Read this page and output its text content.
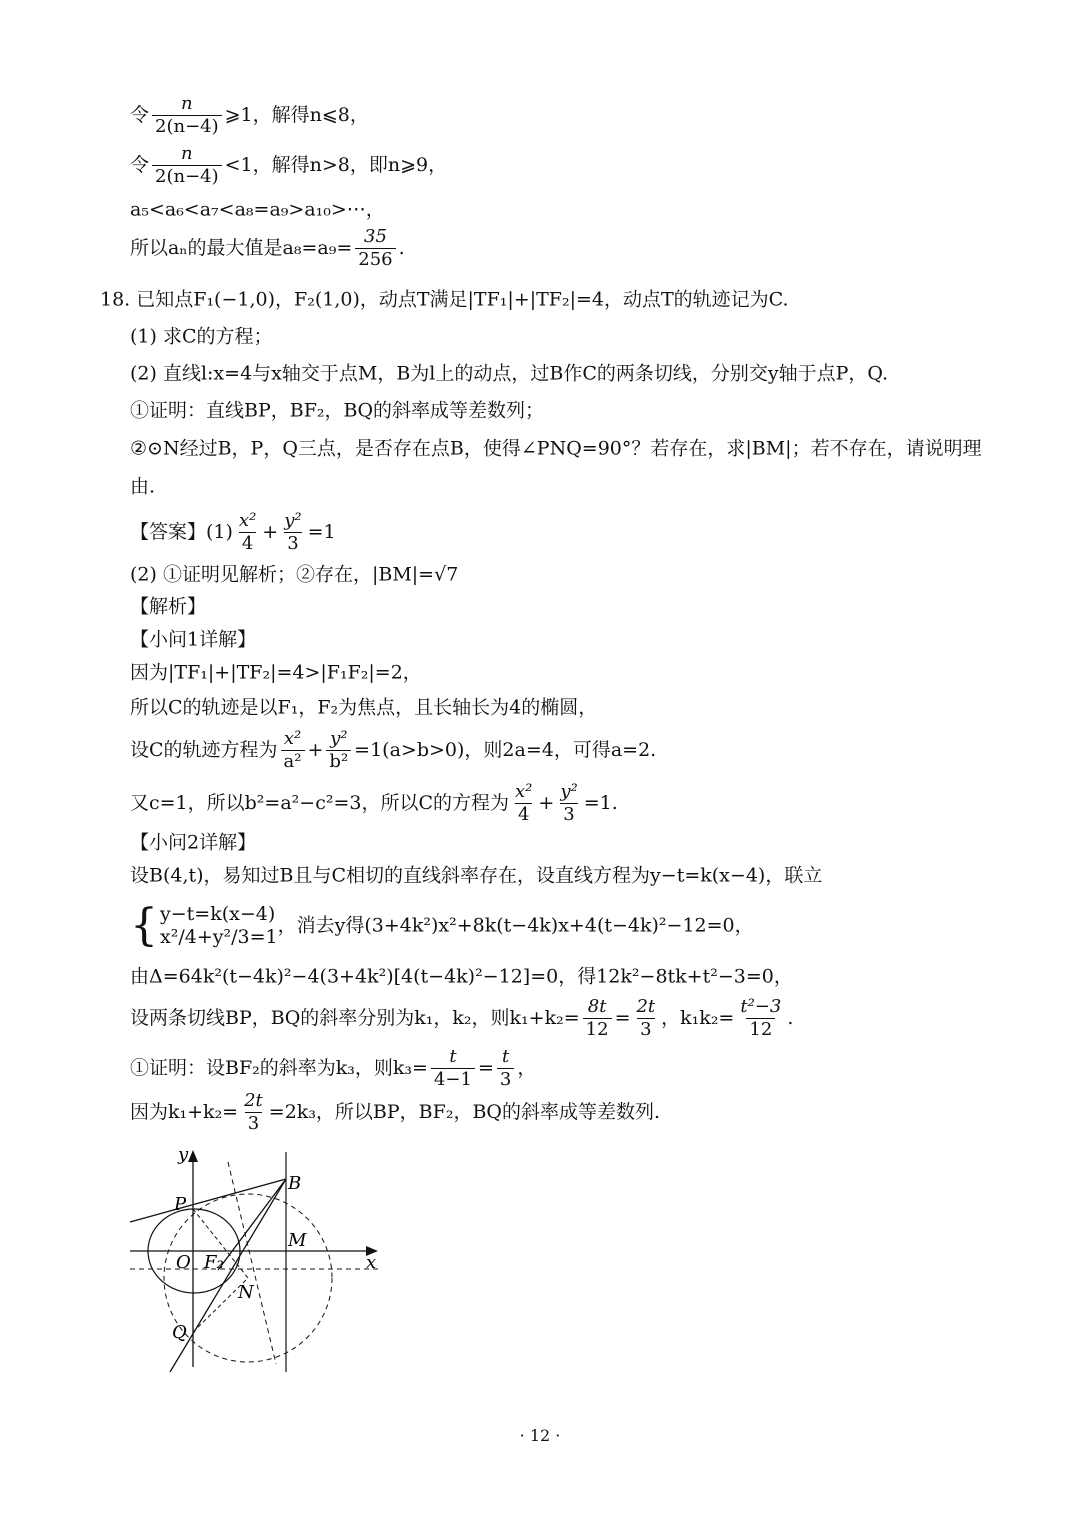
令 $\frac{n}{2(n-4)}$ ⩾1，解得n⩽8，
令 $\frac{n}{2(n-4)} <1$，解得n>8，即n⩾9，
a₅<a₆<a₇<a₈=a₉>a₁₀>⋯，
所以aₙ的最大值是$a_8=a_9= \frac{35}{256}$ .
18. 已知点F₁(−1,0)，F₂(1,0)，动点T满足|TF₁|+|TF₂|=4，动点T的轨迹记为C.
(1) 求C的方程；
(2) 直线l:x=4与x轴交于点M，B为l上的动点，过B作C的两条切线，分别交y轴于点P，Q.
①证明：直线BP，BF₂，BQ的斜率成等差数列；
②⊙N经过B，P，Q三点，是否存在点B，使得∠PNQ=90°？若存在，求|BM|；若不存在，请说明理
由.
【答案】$(1) \frac{\text{x²}}{4} + \frac{\text{y²}}{3} =1$
(2) ①证明见解析；②存在，|BM|=√7
【解析】
【小问1详解】
因为|TF₁|+|TF₂|=4>|F₁F₂|=2，
所以C的轨迹是以F₁，F₂为焦点，且长轴长为4的椭圆，
设C的轨迹方程为 $\frac{\text{x²}}{\text{a²}} + \frac{\text{y²}}{\text{b²}} =1(a>b>0)$，则2a=4，可得a=2.
又c=1，所以b²=a²−c²=3，所以C的方程为 $\frac{\text{x²}}{4} + \frac{\text{y²}}{3} =1$.
【小问2详解】
设B(4,t)，易知过B且与C相切的直线斜率存在，设直线方程为y−t=k(x−4)，联立
{ y−t=k(x−4)
x²/4+y²/3=1
，消去y得(3+4k²)x²+8k(t−4k)x+4(t−4k)²−12=0，
由Δ=64k²(t−4k)²−4(3+4k²)[4(t−4k)²−12]=0，得12k²−8tk+t²−3=0，
设两条切线BP，BQ的斜率分别为k₁，k₂，则$k_1+k_2= \frac{8t}{12} = \frac{2t}{3}$ ，$k_1k_2= \frac{\text{t²−3}}{12}$ .
①证明：设BF₂的斜率为k₃，则$k_3= \frac{t}{4-1} = \frac{t}{3}$ ，
因为$k_1+k_2= \frac{2t}{3} =2k_3$，所以BP，BF₂，BQ的斜率成等差数列.
y
x
P
B
M
O F₂
N
Q
· 12 ·
